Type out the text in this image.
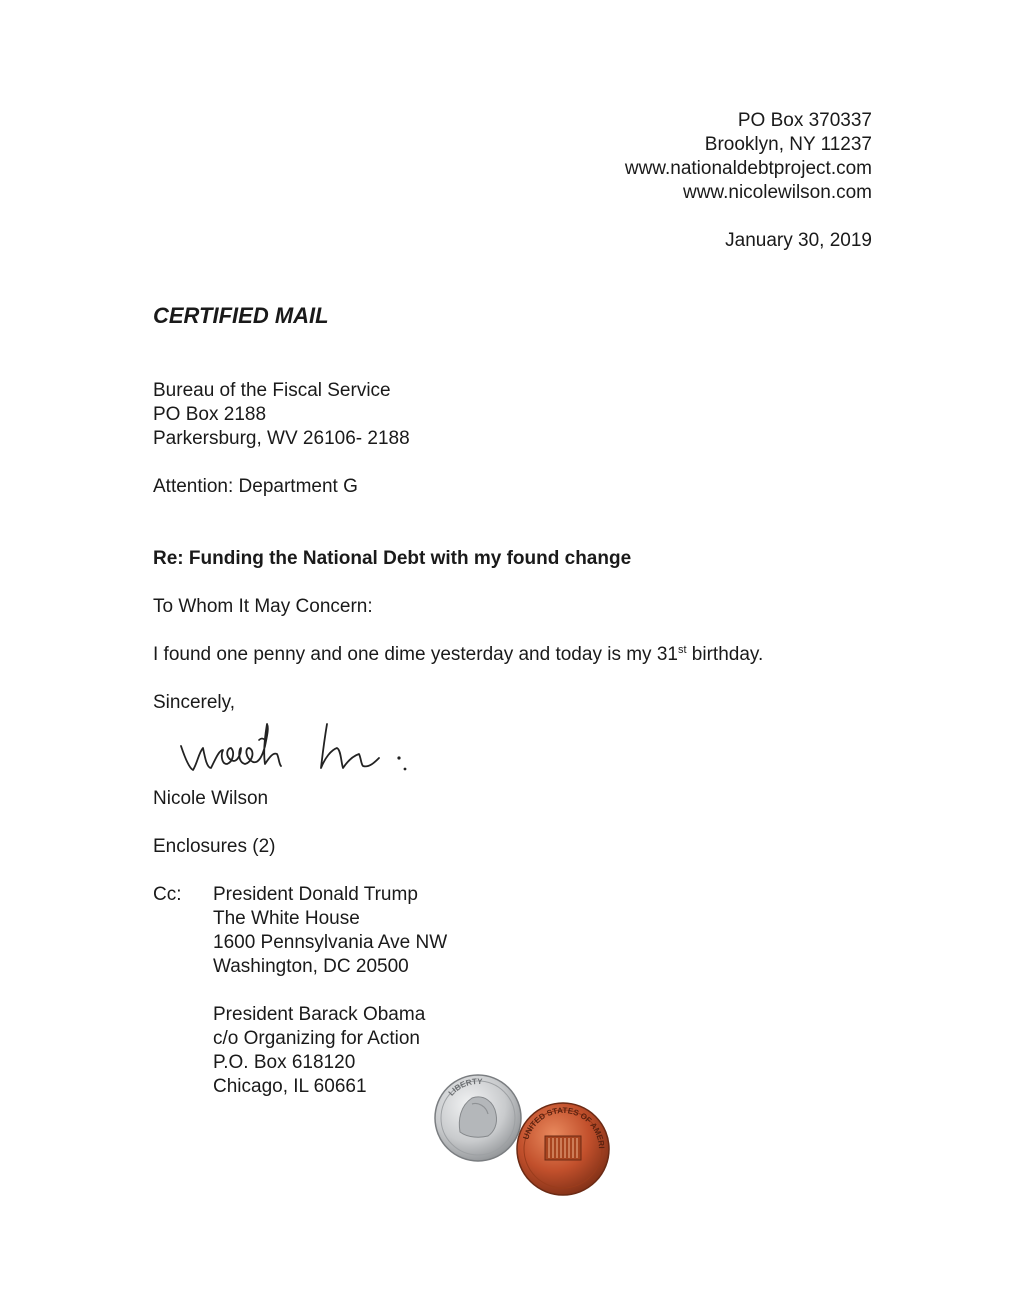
PO Box 370337
Brooklyn, NY 11237
www.nationaldebtproject.com
www.nicolewilson.com
January 30, 2019
CERTIFIED MAIL
Bureau of the Fiscal Service
PO Box 2188
Parkersburg, WV 26106- 2188
Attention: Department G
Re: Funding the National Debt with my found change
To Whom It May Concern:
I found one penny and one dime yesterday and today is my 31st birthday.
Sincerely,
Nicole Wilson
Enclosures (2)
Cc: President Donald Trump
The White House
1600 Pennsylvania Ave NW
Washington, DC 20500
President Barack Obama
c/o Organizing for Action
P.O. Box 618120
Chicago, IL 60661
UNITED STATES OF AMERICA
LIBERTY
